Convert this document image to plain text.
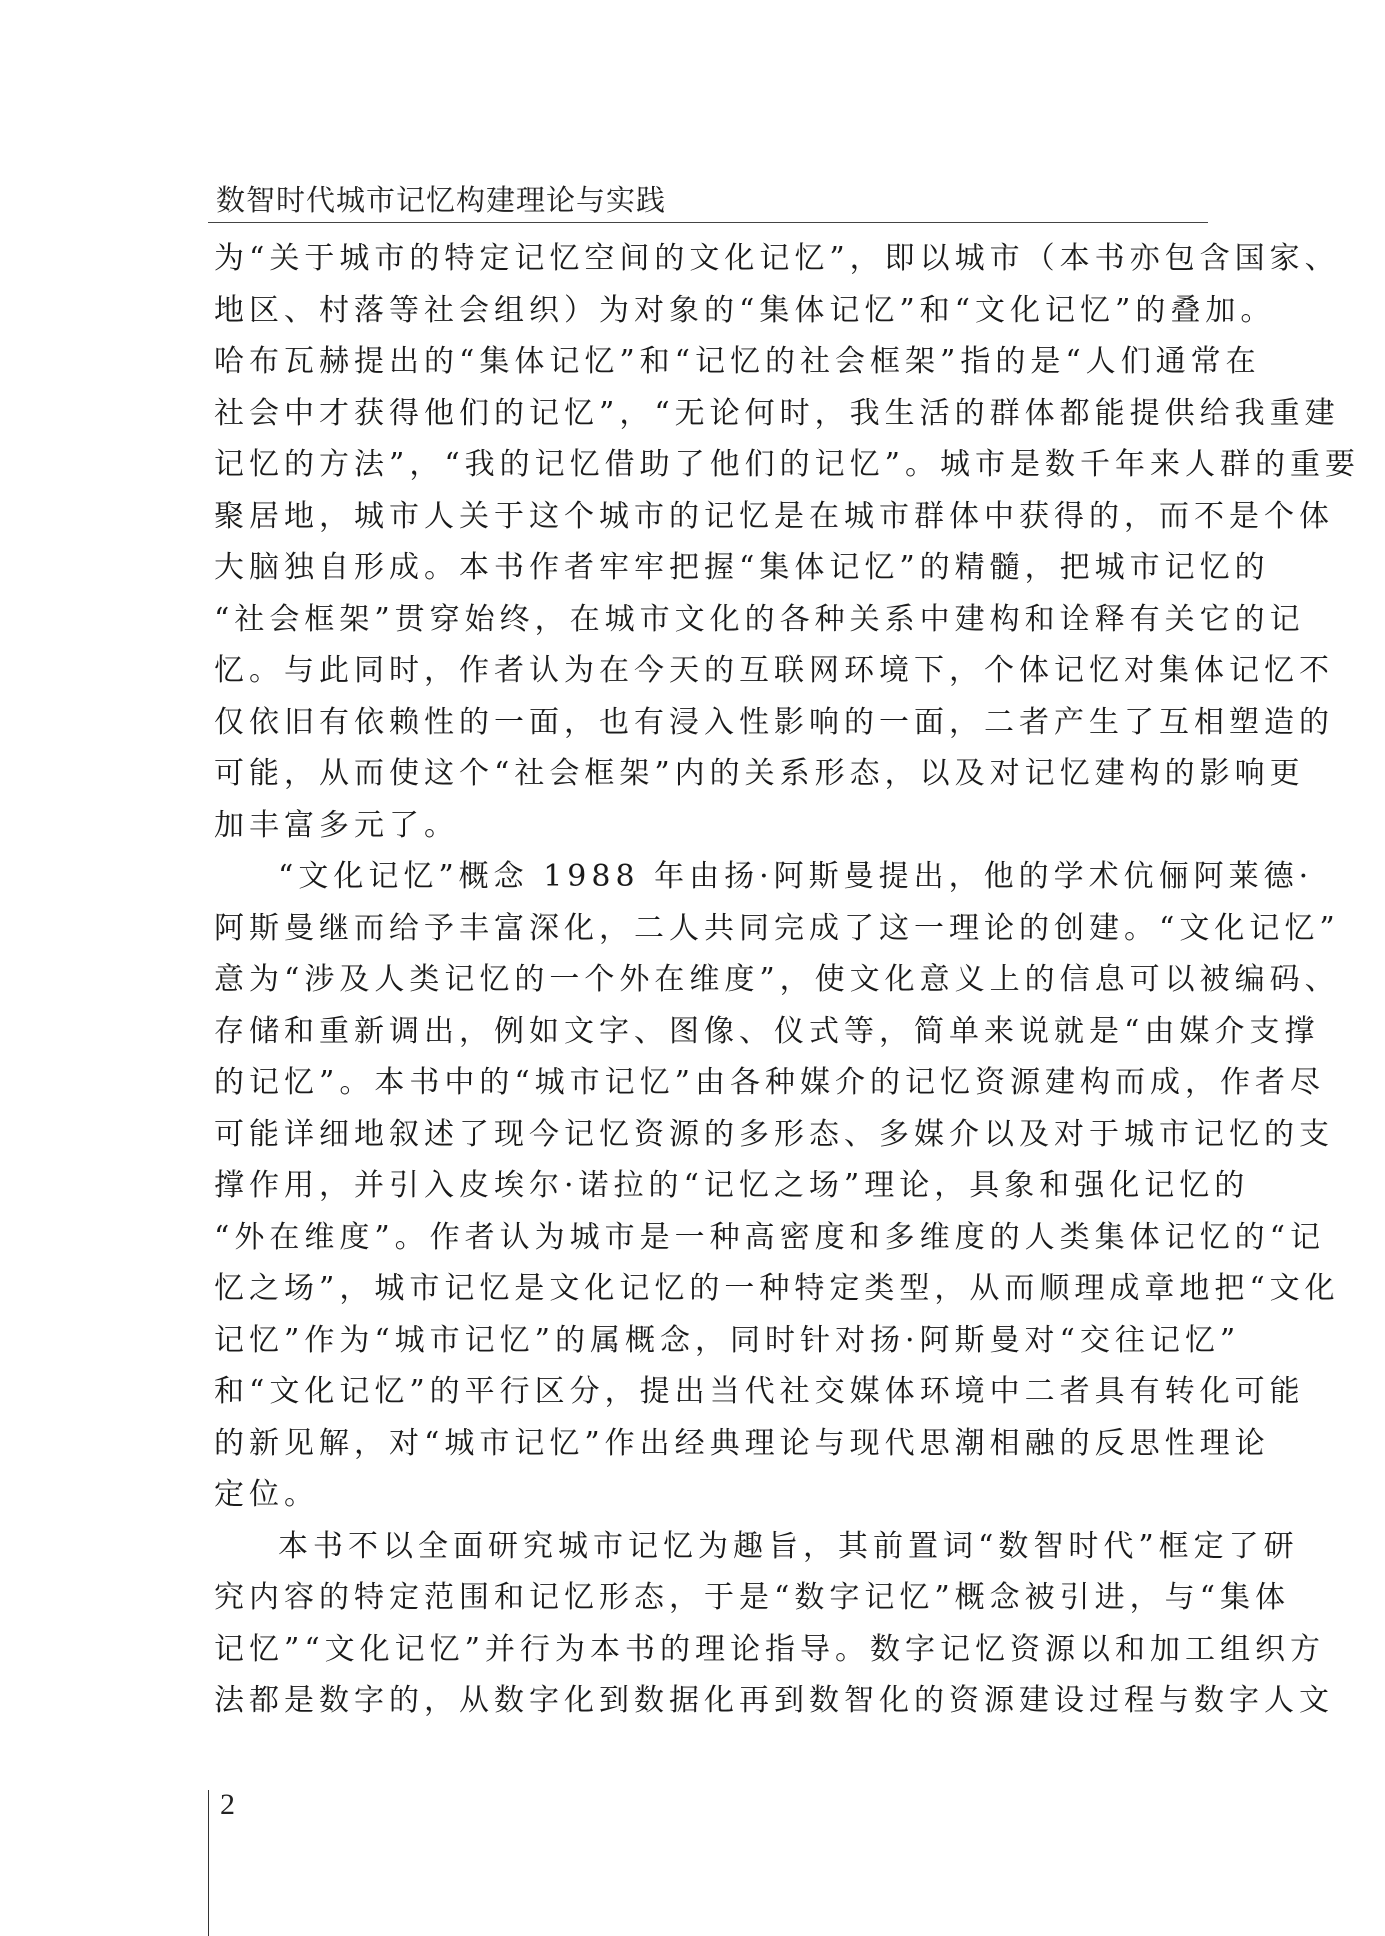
数智时代城市记忆构建理论与实践
为“关于城市的特定记忆空间的文化记忆”，即以城市（本书亦包含国家、
地区、村落等社会组织）为对象的“集体记忆”和“文化记忆”的叠加。
哈布瓦赫提出的“集体记忆”和“记忆的社会框架”指的是“人们通常在
社会中才获得他们的记忆”，“无论何时，我生活的群体都能提供给我重建
记忆的方法”，“我的记忆借助了他们的记忆”。城市是数千年来人群的重要
聚居地，城市人关于这个城市的记忆是在城市群体中获得的，而不是个体
大脑独自形成。本书作者牢牢把握“集体记忆”的精髓，把城市记忆的
“社会框架”贯穿始终，在城市文化的各种关系中建构和诠释有关它的记
忆。与此同时，作者认为在今天的互联网环境下，个体记忆对集体记忆不
仅依旧有依赖性的一面，也有浸入性影响的一面，二者产生了互相塑造的
可能，从而使这个“社会框架”内的关系形态，以及对记忆建构的影响更
加丰富多元了。
“文化记忆”概念 1988 年由扬·阿斯曼提出，他的学术伉俪阿莱德·
阿斯曼继而给予丰富深化，二人共同完成了这一理论的创建。“文化记忆”
意为“涉及人类记忆的一个外在维度”，使文化意义上的信息可以被编码、
存储和重新调出，例如文字、图像、仪式等，简单来说就是“由媒介支撑
的记忆”。本书中的“城市记忆”由各种媒介的记忆资源建构而成，作者尽
可能详细地叙述了现今记忆资源的多形态、多媒介以及对于城市记忆的支
撑作用，并引入皮埃尔·诺拉的“记忆之场”理论，具象和强化记忆的
“外在维度”。作者认为城市是一种高密度和多维度的人类集体记忆的“记
忆之场”，城市记忆是文化记忆的一种特定类型，从而顺理成章地把“文化
记忆”作为“城市记忆”的属概念，同时针对扬·阿斯曼对“交往记忆”
和“文化记忆”的平行区分，提出当代社交媒体环境中二者具有转化可能
的新见解，对“城市记忆”作出经典理论与现代思潮相融的反思性理论
定位。
本书不以全面研究城市记忆为趣旨，其前置词“数智时代”框定了研
究内容的特定范围和记忆形态，于是“数字记忆”概念被引进，与“集体
记忆”“文化记忆”并行为本书的理论指导。数字记忆资源以和加工组织方
法都是数字的，从数字化到数据化再到数智化的资源建设过程与数字人文
2
